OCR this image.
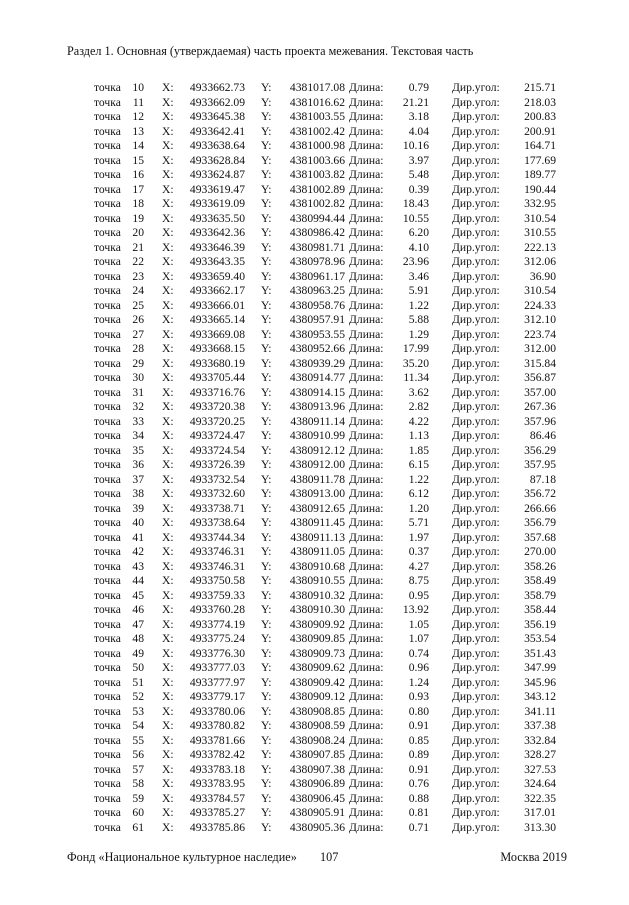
Раздел 1. Основная (утверждаемая) часть проекта межевания. Текстовая часть
точка 10 X: 4933662.73 Y: 4381017.08 Длина: 0.79 Дир.угол: 215.71
точка 11 X: 4933662.09 Y: 4381016.62 Длина: 21.21 Дир.угол: 218.03
точка 12 X: 4933645.38 Y: 4381003.55 Длина: 3.18 Дир.угол: 200.83
точка 13 X: 4933642.41 Y: 4381002.42 Длина: 4.04 Дир.угол: 200.91
точка 14 X: 4933638.64 Y: 4381000.98 Длина: 10.16 Дир.угол: 164.71
точка 15 X: 4933628.84 Y: 4381003.66 Длина: 3.97 Дир.угол: 177.69
точка 16 X: 4933624.87 Y: 4381003.82 Длина: 5.48 Дир.угол: 189.77
точка 17 X: 4933619.47 Y: 4381002.89 Длина: 0.39 Дир.угол: 190.44
точка 18 X: 4933619.09 Y: 4381002.82 Длина: 18.43 Дир.угол: 332.95
точка 19 X: 4933635.50 Y: 4380994.44 Длина: 10.55 Дир.угол: 310.54
точка 20 X: 4933642.36 Y: 4380986.42 Длина: 6.20 Дир.угол: 310.55
точка 21 X: 4933646.39 Y: 4380981.71 Длина: 4.10 Дир.угол: 222.13
точка 22 X: 4933643.35 Y: 4380978.96 Длина: 23.96 Дир.угол: 312.06
точка 23 X: 4933659.40 Y: 4380961.17 Длина: 3.46 Дир.угол:	36.90
точка 24 X: 4933662.17 Y: 4380963.25 Длина: 5.91 Дир.угол: 310.54
точка 25 X: 4933666.01 Y: 4380958.76 Длина: 1.22 Дир.угол: 224.33
точка 26 X: 4933665.14 Y: 4380957.91 Длина: 5.88 Дир.угол: 312.10
точка 27 X: 4933669.08 Y: 4380953.55 Длина: 1.29 Дир.угол: 223.74
точка 28 X: 4933668.15 Y: 4380952.66 Длина: 17.99 Дир.угол: 312.00
точка 29 X: 4933680.19 Y: 4380939.29 Длина: 35.20 Дир.угол: 315.84
точка 30 X: 4933705.44 Y: 4380914.77 Длина: 11.34 Дир.угол: 356.87
точка 31 X: 4933716.76 Y: 4380914.15 Длина: 3.62 Дир.угол: 357.00
точка 32 X: 4933720.38 Y: 4380913.96 Длина: 2.82 Дир.угол: 267.36
точка 33 X: 4933720.25 Y: 4380911.14 Длина: 4.22 Дир.угол: 357.96
точка 34 X: 4933724.47 Y: 4380910.99 Длина: 1.13 Дир.угол:	86.46
точка 35 X: 4933724.54 Y: 4380912.12 Длина: 1.85 Дир.угол: 356.29
точка 36 X: 4933726.39 Y: 4380912.00 Длина: 6.15 Дир.угол: 357.95
точка 37 X: 4933732.54 Y: 4380911.78 Длина: 1.22 Дир.угол:	87.18
точка 38 X: 4933732.60 Y: 4380913.00 Длина: 6.12 Дир.угол: 356.72
точка 39 X: 4933738.71 Y: 4380912.65 Длина: 1.20 Дир.угол: 266.66
точка 40 X: 4933738.64 Y: 4380911.45 Длина: 5.71 Дир.угол: 356.79
точка 41 X: 4933744.34 Y: 4380911.13 Длина: 1.97 Дир.угол: 357.68
точка 42 X: 4933746.31 Y: 4380911.05 Длина: 0.37 Дир.угол: 270.00
точка 43 X: 4933746.31 Y: 4380910.68 Длина: 4.27 Дир.угол: 358.26
точка 44 X: 4933750.58 Y: 4380910.55 Длина: 8.75 Дир.угол: 358.49
точка 45 X: 4933759.33 Y: 4380910.32 Длина: 0.95 Дир.угол: 358.79
точка 46 X: 4933760.28 Y: 4380910.30 Длина: 13.92 Дир.угол: 358.44
точка 47 X: 4933774.19 Y: 4380909.92 Длина: 1.05 Дир.угол: 356.19
точка 48 X: 4933775.24 Y: 4380909.85 Длина: 1.07 Дир.угол: 353.54
точка 49 X: 4933776.30 Y: 4380909.73 Длина: 0.74 Дир.угол: 351.43
точка 50 X: 4933777.03 Y: 4380909.62 Длина: 0.96 Дир.угол: 347.99
точка 51 X: 4933777.97 Y: 4380909.42 Длина: 1.24 Дир.угол: 345.96
точка 52 X: 4933779.17 Y: 4380909.12 Длина: 0.93 Дир.угол: 343.12
точка 53 X: 4933780.06 Y: 4380908.85 Длина: 0.80 Дир.угол: 341.11
точка 54 X: 4933780.82 Y: 4380908.59 Длина: 0.91 Дир.угол: 337.38
точка 55 X: 4933781.66 Y: 4380908.24 Длина: 0.85 Дир.угол: 332.84
точка 56 X: 4933782.42 Y: 4380907.85 Длина: 0.89 Дир.угол: 328.27
точка 57 X: 4933783.18 Y: 4380907.38 Длина: 0.91 Дир.угол: 327.53
точка 58 X: 4933783.95 Y: 4380906.89 Длина: 0.76 Дир.угол: 324.64
точка 59 X: 4933784.57 Y: 4380906.45 Длина: 0.88 Дир.угол: 322.35
точка 60 X: 4933785.27 Y: 4380905.91 Длина: 0.81 Дир.угол: 317.01
точка 61 X: 4933785.86 Y: 4380905.36 Длина: 0.71 Дир.угол: 313.30
Фонд «Национальное культурное наследие» 107	Москва 2019
